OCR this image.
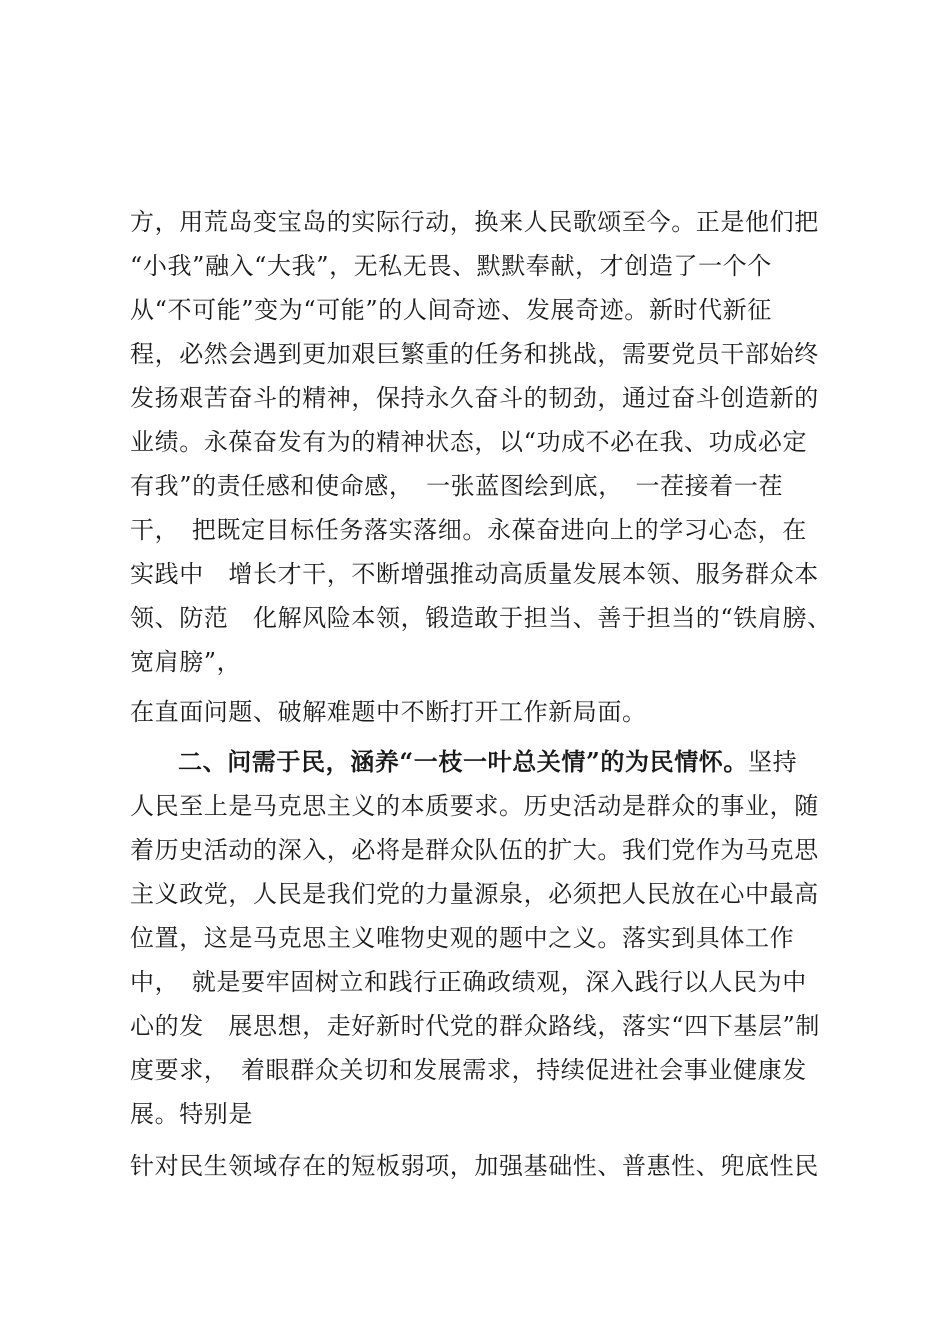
方，用荒岛变宝岛的实际行动，换来人民歌颂至今。正是他们把
“小我”融入“大我”，无私无畏、默默奉献，才创造了一个个
从“不可能”变为“可能”的人间奇迹、发展奇迹。新时代新征
程，必然会遇到更加艰巨繁重的任务和挑战，需要党员干部始终
发扬艰苦奋斗的精神，保持永久奋斗的韧劲，通过奋斗创造新的
业绩。永葆奋发有为的精神状态，以“功成不必在我、功成必定
有我”的责任感和使命感，　一张蓝图绘到底，　一茬接着一茬
干，　把既定目标任务落实落细。永葆奋进向上的学习心态，在
实践中　增长才干，不断增强推动高质量发展本领、服务群众本
领、防范　化解风险本领，锻造敢于担当、善于担当的“铁肩膀、
宽肩膀”，
在直面问题、破解难题中不断打开工作新局面。
二、问需于民，涵养“一枝一叶总关情”的为民情怀。坚持
人民至上是马克思主义的本质要求。历史活动是群众的事业，随
着历史活动的深入，必将是群众队伍的扩大。我们党作为马克思
主义政党，人民是我们党的力量源泉，必须把人民放在心中最高
位置，这是马克思主义唯物史观的题中之义。落实到具体工作
中，　就是要牢固树立和践行正确政绩观，深入践行以人民为中
心的发　展思想，走好新时代党的群众路线，落实“四下基层”制
度要求，　着眼群众关切和发展需求，持续促进社会事业健康发
展。特别是
针对民生领域存在的短板弱项，加强基础性、普惠性、兜底性民
